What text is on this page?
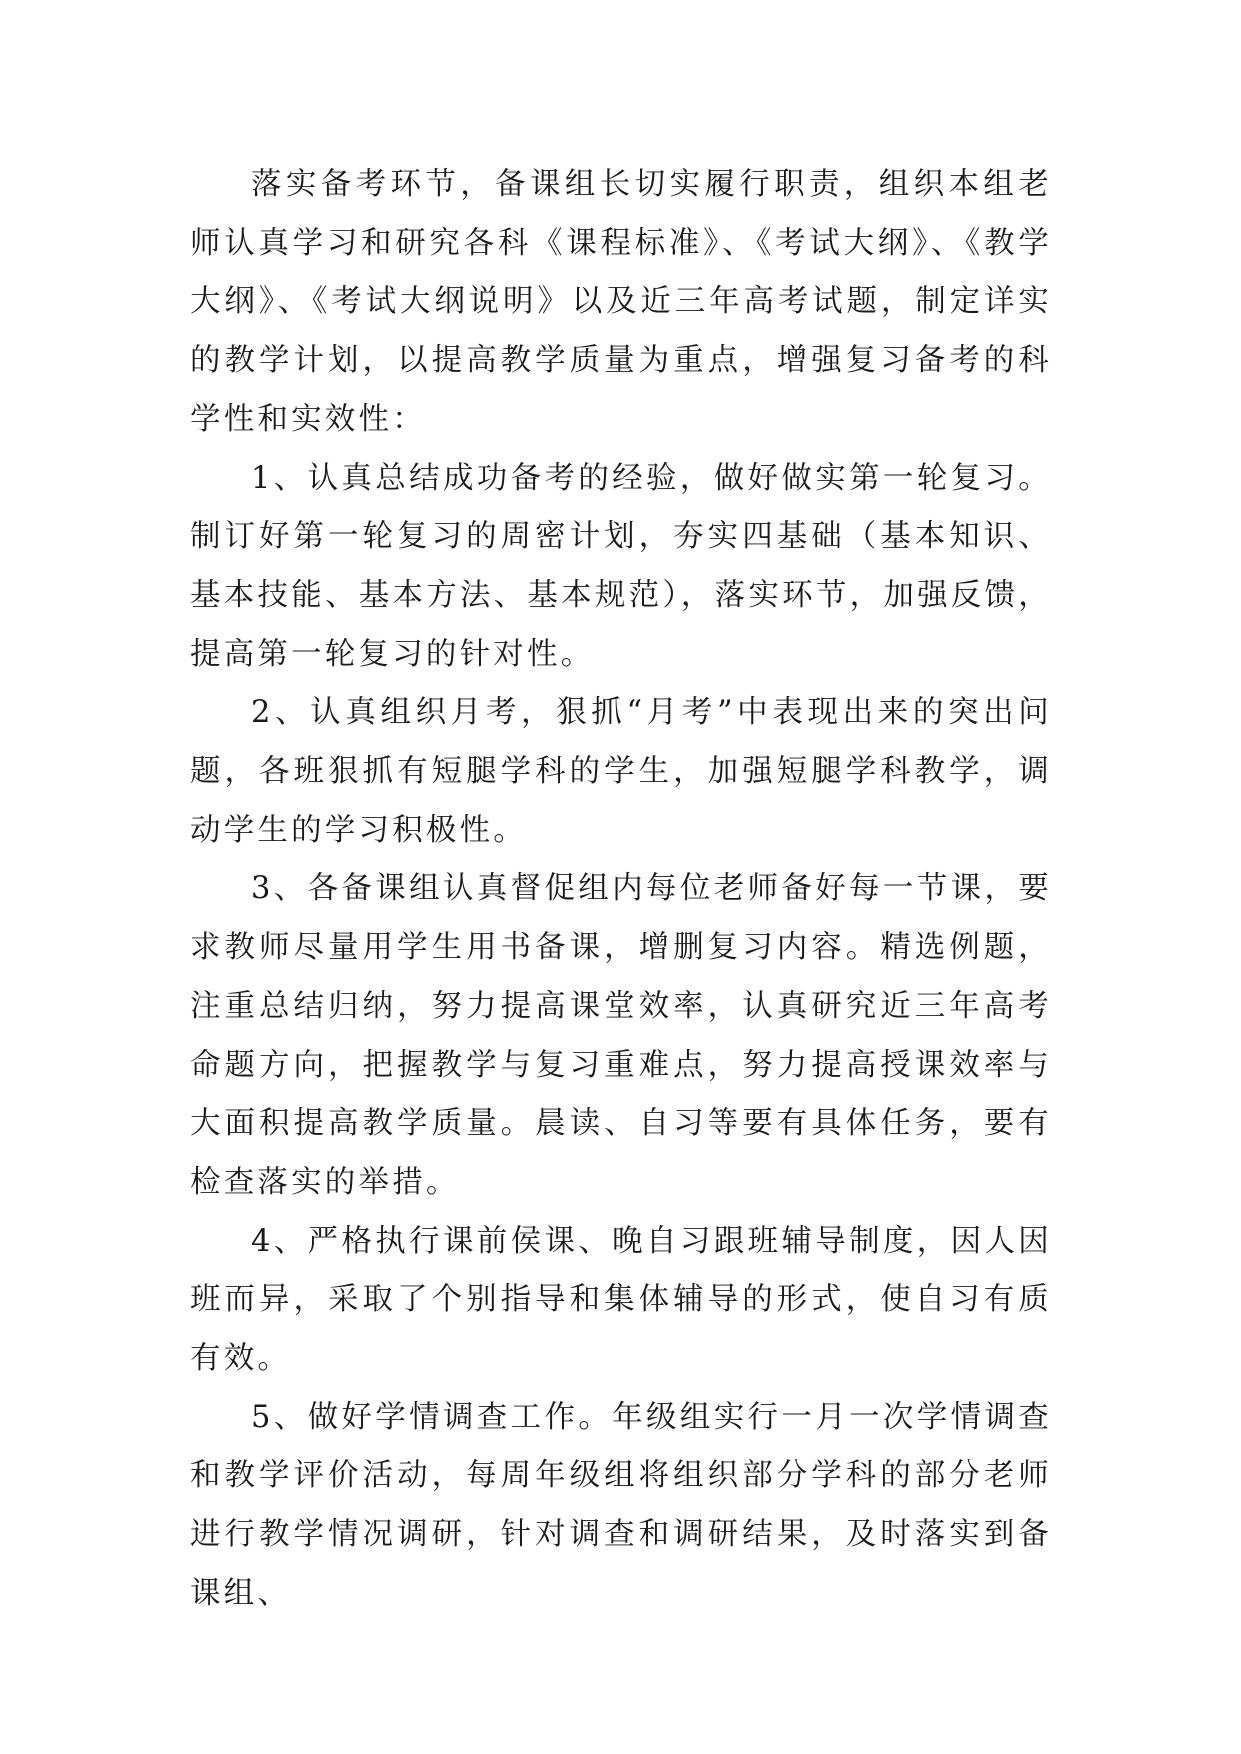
落实备考环节，备课组长切实履行职责，组织本组老师认真学习和研究各科《课程标准》、《考试大纲》、《教学大纲》、《考试大纲说明》以及近三年高考试题，制定详实的教学计划，以提高教学质量为重点，增强复习备考的科学性和实效性：

1、认真总结成功备考的经验，做好做实第一轮复习。制订好第一轮复习的周密计划，夯实四基础（基本知识、基本技能、基本方法、基本规范），落实环节，加强反馈，提高第一轮复习的针对性。

2、认真组织月考，狠抓“月考”中表现出来的突出问题，各班狠抓有短腿学科的学生，加强短腿学科教学，调动学生的学习积极性。

3、各备课组认真督促组内每位老师备好每一节课，要求教师尽量用学生用书备课，增删复习内容。精选例题，注重总结归纳，努力提高课堂效率，认真研究近三年高考命题方向，把握教学与复习重难点，努力提高授课效率与大面积提高教学质量。晨读、自习等要有具体任务，要有检查落实的举措。

4、严格执行课前侯课、晚自习跟班辅导制度，因人因班而异，采取了个别指导和集体辅导的形式，使自习有质有效。

5、做好学情调查工作。年级组实行一月一次学情调查和教学评价活动，每周年级组将组织部分学科的部分老师进行教学情况调研，针对调查和调研结果，及时落实到备课组、
